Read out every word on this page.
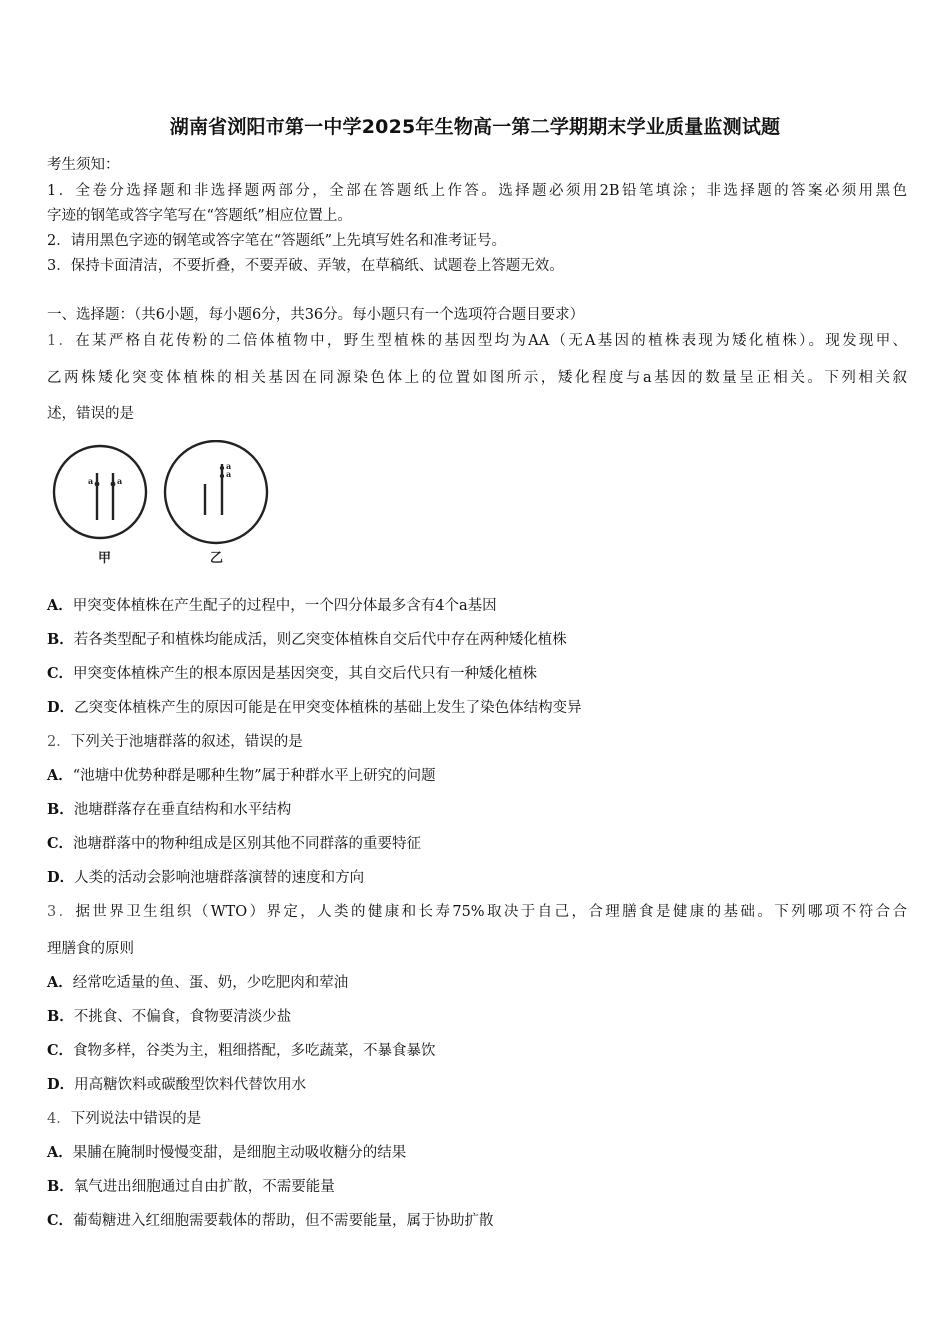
湖南省浏阳市第一中学2025年生物高一第二学期期末学业质量监测试题
考生须知：
1．全卷分选择题和非选择题两部分，全部在答题纸上作答。选择题必须用2B铅笔填涂；非选择题的答案必须用黑色
字迹的钢笔或答字笔写在“答题纸”相应位置上。
2．请用黑色字迹的钢笔或答字笔在“答题纸”上先填写姓名和准考证号。
3．保持卡面清洁，不要折叠，不要弄破、弄皱，在草稿纸、试题卷上答题无效。
一、选择题：（共6小题，每小题6分，共36分。每小题只有一个选项符合题目要求）
1．在某严格自花传粉的二倍体植物中，野生型植株的基因型均为AA（无A基因的植株表现为矮化植株）。现发现甲、
乙两株矮化突变体植株的相关基因在同源染色体上的位置如图所示，矮化程度与a基因的数量呈正相关。下列相关叙
述，错误的是
a	a
a
a
甲	乙
A．甲突变体植株在产生配子的过程中，一个四分体最多含有4个a基因
B．若各类型配子和植株均能成活，则乙突变体植株自交后代中存在两种矮化植株
C．甲突变体植株产生的根本原因是基因突变，其自交后代只有一种矮化植株
D．乙突变体植株产生的原因可能是在甲突变体植株的基础上发生了染色体结构变异
2．下列关于池塘群落的叙述，错误的是
A．“池塘中优势种群是哪种生物”属于种群水平上研究的问题
B．池塘群落存在垂直结构和水平结构
C．池塘群落中的物种组成是区别其他不同群落的重要特征
D．人类的活动会影响池塘群落演替的速度和方向
3．据世界卫生组织（WTO）界定，人类的健康和长寿75%取决于自己，合理膳食是健康的基础。下列哪项不符合合
理膳食的原则
A．经常吃适量的鱼、蛋、奶，少吃肥肉和荤油
B．不挑食、不偏食，食物要清淡少盐
C．食物多样，谷类为主，粗细搭配，多吃蔬菜，不暴食暴饮
D．用高糖饮料或碳酸型饮料代替饮用水
4．下列说法中错误的是
A．果脯在腌制时慢慢变甜，是细胞主动吸收糖分的结果
B．氧气进出细胞通过自由扩散，不需要能量
C．葡萄糖进入红细胞需要载体的帮助，但不需要能量，属于协助扩散
